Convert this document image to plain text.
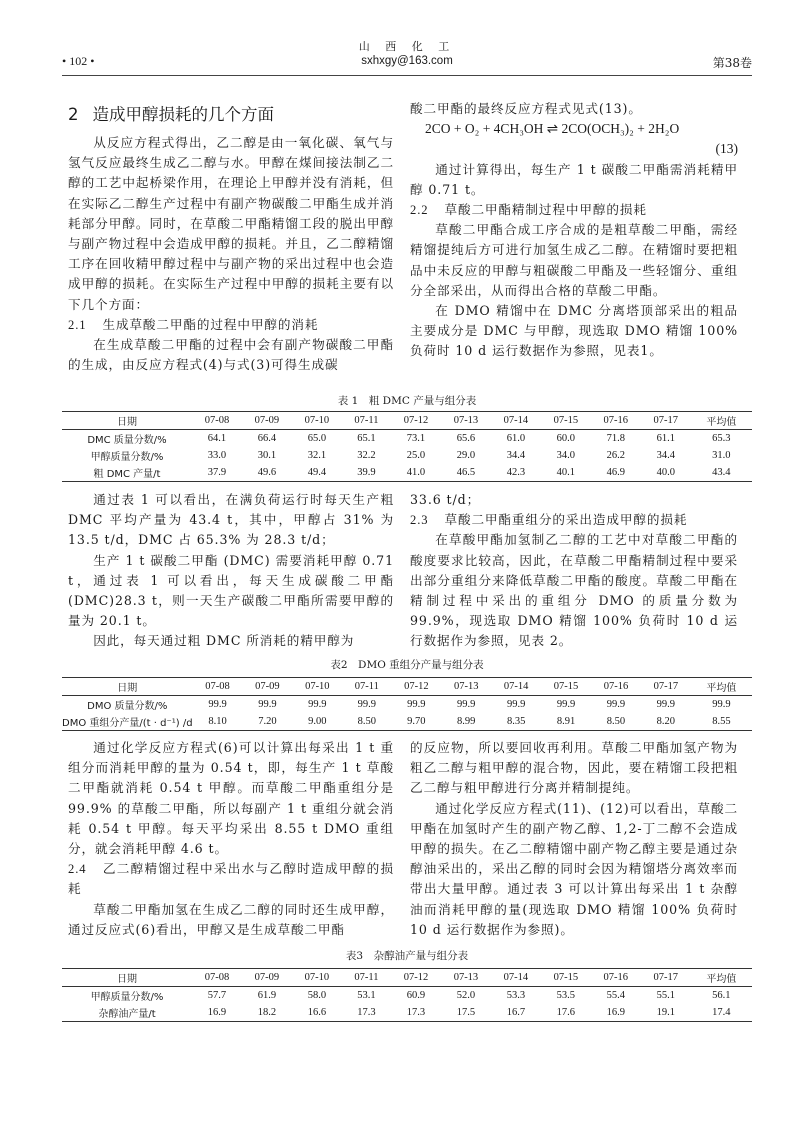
• 102 •
山 西 化 工
sxhxgy@163.com	第38卷
2 造成甲醇损耗的几个方面

从反应方程式得出，乙二醇是由一氧化碳、氧气与氢气反应最终生成乙二醇与水。甲醇在煤间接法制乙二醇的工艺中起桥梁作用，在理论上甲醇并没有消耗，但在实际乙二醇生产过程中有副产物碳酸二甲酯生成并消耗部分甲醇。同时，在草酸二甲酯精馏工段的脱出甲醇与副产物过程中会造成甲醇的损耗。并且，乙二醇精馏工序在回收精甲醇过程中与副产物的采出过程中也会造成甲醇的损耗。在实际生产过程中甲醇的损耗主要有以下几个方面：

2.1 生成草酸二甲酯的过程中甲醇的消耗

在生成草酸二甲酯的过程中会有副产物碳酸二甲酯的生成，由反应方程式(4)与式(3)可得生成碳

酸二甲酯的最终反应方程式见式(13)。

2CO + O₂ + 4CH₃OH ⇌ 2CO(OCH₃)₂ + 2H₂O

(13)

通过计算得出，每生产 1 t 碳酸二甲酯需消耗精甲醇 0.71 t。

2.2 草酸二甲酯精制过程中甲醇的损耗

草酸二甲酯合成工序合成的是粗草酸二甲酯，需经精馏提纯后方可进行加氢生成乙二醇。在精馏时要把粗品中未反应的甲醇与粗碳酸二甲酯及一些轻馏分、重组分全部采出，从而得出合格的草酸二甲酯。

在 DMO 精馏中在 DMC 分离塔顶部采出的粗品主要成分是 DMC 与甲醇，现选取 DMO 精馏 100% 负荷时 10 d 运行数据作为参照，见表1。

表 1　粗 DMC 产量与组分表
日期	07-08	07-09	07-10	07-11	07-12	07-13	07-14	07-15	07-16	07-17	平均值
DMC 质量分数/%	64.1	66.4	65.0	65.1	73.1	65.6	61.0	60.0	71.8	61.1	65.3
甲醇质量分数/%	33.0	30.1	32.1	32.2	25.0	29.0	34.4	34.0	26.2	34.4	31.0
粗 DMC 产量/t	37.9	49.6	49.4	39.9	41.0	46.5	42.3	40.1	46.9	40.0	43.4

通过表 1 可以看出，在满负荷运行时每天生产粗 DMC 平均产量为 43.4 t，其中，甲醇占 31% 为 13.5 t/d，DMC 占 65.3% 为 28.3 t/d；

生产 1 t 碳酸二甲酯 (DMC) 需要消耗甲醇 0.71 t，通过表 1 可以看出，每天生成碳酸二甲酯 (DMC)28.3 t，则一天生产碳酸二甲酯所需要甲醇的量为 20.1 t。

因此，每天通过粗 DMC 所消耗的精甲醇为

33.6 t/d；

2.3 草酸二甲酯重组分的采出造成甲醇的损耗

在草酸甲酯加氢制乙二醇的工艺中对草酸二甲酯的酸度要求比较高，因此，在草酸二甲酯精制过程中要采出部分重组分来降低草酸二甲酯的酸度。草酸二甲酯在精制过程中采出的重组分 DMO 的质量分数为 99.9%，现选取 DMO 精馏 100% 负荷时 10 d 运行数据作为参照，见表 2。

表2　DMO 重组分产量与组分表
日期	07-08	07-09	07-10	07-11	07-12	07-13	07-14	07-15	07-16	07-17	平均值
DMO 质量分数/%	99.9	99.9	99.9	99.9	99.9	99.9	99.9	99.9	99.9	99.9	99.9
DMO 重组分产量/(t · d⁻¹) /d	8.10	7.20	9.00	8.50	9.70	8.99	8.35	8.91	8.50	8.20	8.55

通过化学反应方程式(6)可以计算出每采出 1 t 重组分而消耗甲醇的量为 0.54 t，即，每生产 1 t 草酸二甲酯就消耗 0.54 t 甲醇。而草酸二甲酯重组分是 99.9% 的草酸二甲酯，所以每副产 1 t 重组分就会消耗 0.54 t 甲醇。每天平均采出 8.55 t DMO 重组分，就会消耗甲醇 4.6 t。

2.4 乙二醇精馏过程中采出水与乙醇时造成甲醇的损耗

草酸二甲酯加氢在生成乙二醇的同时还生成甲醇，通过反应式(6)看出，甲醇又是生成草酸二甲酯

的反应物，所以要回收再利用。草酸二甲酯加氢产物为粗乙二醇与粗甲醇的混合物，因此，要在精馏工段把粗乙二醇与粗甲醇进行分离并精制提纯。

通过化学反应方程式(11)、(12)可以看出，草酸二甲酯在加氢时产生的副产物乙醇、1,2-丁二醇不会造成甲醇的损失。在乙二醇精馏中副产物乙醇主要是通过杂醇油采出的，采出乙醇的同时会因为精馏塔分离效率而带出大量甲醇。通过表 3 可以计算出每采出 1 t 杂醇油而消耗甲醇的量(现选取 DMO 精馏 100% 负荷时 10 d 运行数据作为参照)。

表3　杂醇油产量与组分表
日期	07-08	07-09	07-10	07-11	07-12	07-13	07-14	07-15	07-16	07-17	平均值
甲醇质量分数/%	57.7	61.9	58.0	53.1	60.9	52.0	53.3	53.5	55.4	55.1	56.1
杂醇油产量/t	16.9	18.2	16.6	17.3	17.3	17.5	16.7	17.6	16.9	19.1	17.4
